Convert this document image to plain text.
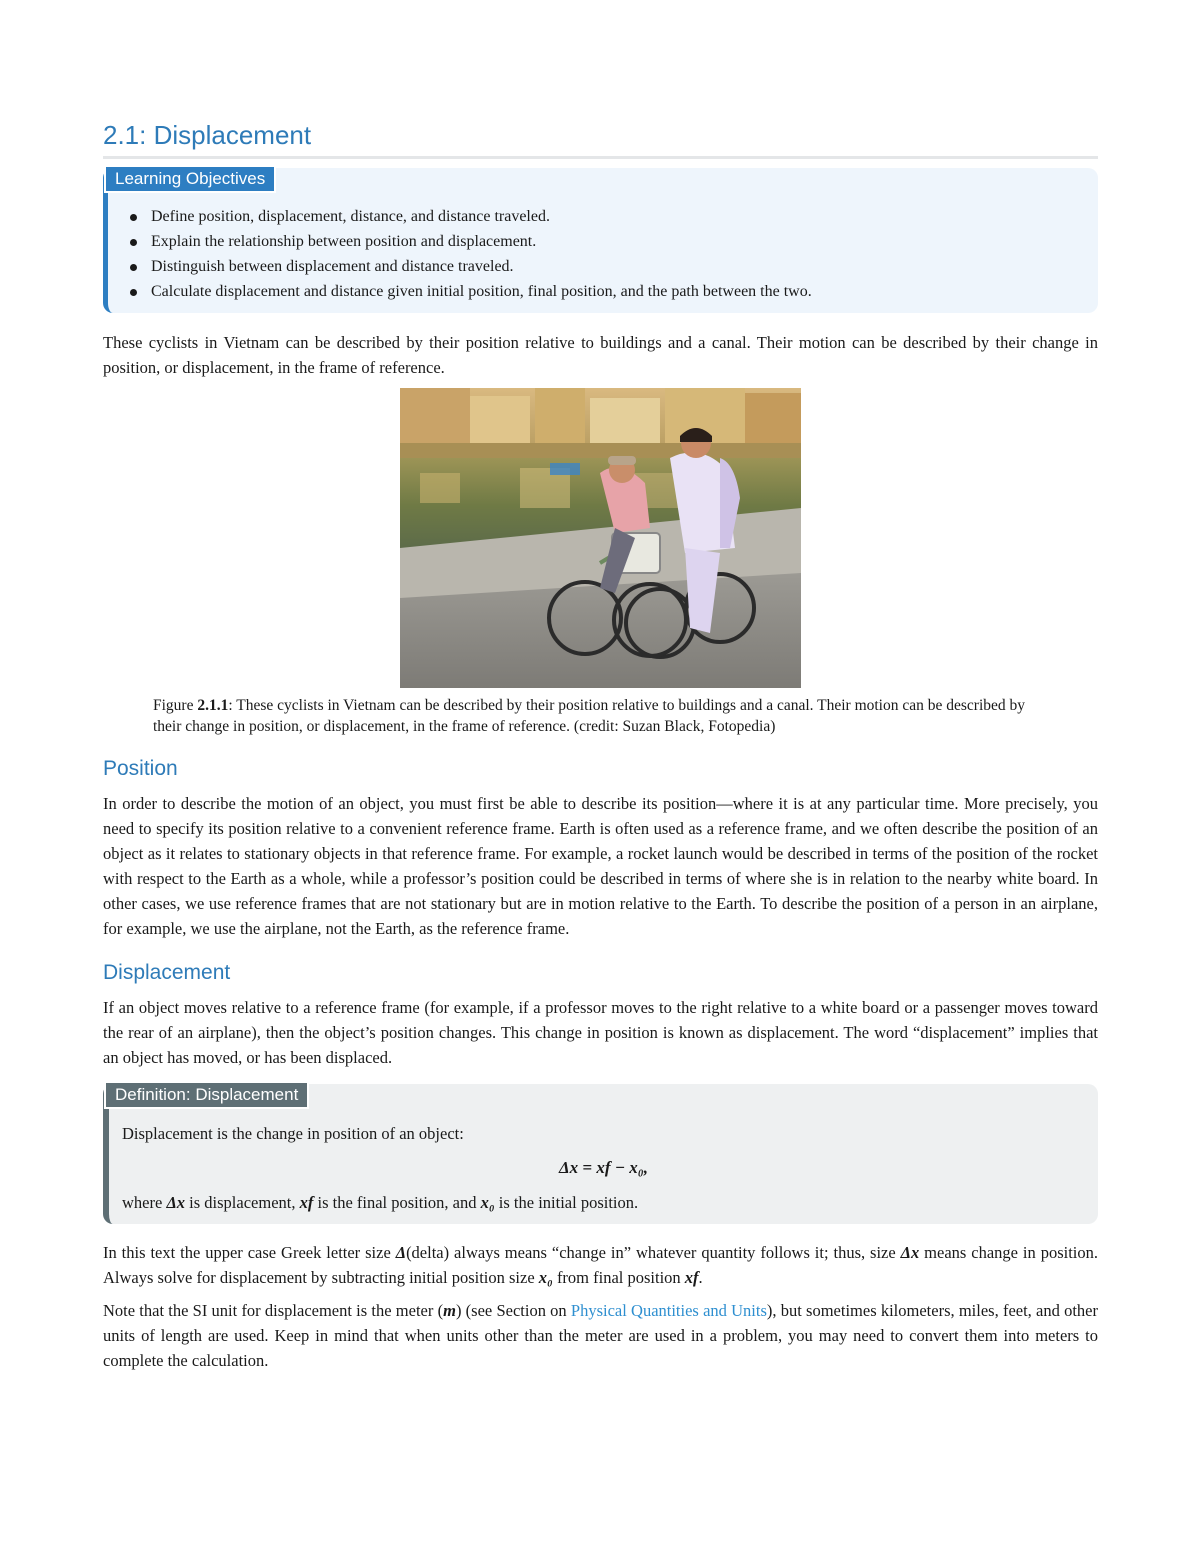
2.1: Displacement
Learning Objectives
Define position, displacement, distance, and distance traveled.
Explain the relationship between position and displacement.
Distinguish between displacement and distance traveled.
Calculate displacement and distance given initial position, final position, and the path between the two.

These cyclists in Vietnam can be described by their position relative to buildings and a canal. Their motion can be described by their change in position, or displacement, in the frame of reference.

Figure 2.1.1: These cyclists in Vietnam can be described by their position relative to buildings and a canal. Their motion can be described by their change in position, or displacement, in the frame of reference. (credit: Suzan Black, Fotopedia)
Position

In order to describe the motion of an object, you must first be able to describe its position—where it is at any particular time. More precisely, you need to specify its position relative to a convenient reference frame. Earth is often used as a reference frame, and we often describe the position of an object as it relates to stationary objects in that reference frame. For example, a rocket launch would be described in terms of the position of the rocket with respect to the Earth as a whole, while a professor’s position could be described in terms of where she is in relation to the nearby white board. In other cases, we use reference frames that are not stationary but are in motion relative to the Earth. To describe the position of a person in an airplane, for example, we use the airplane, not the Earth, as the reference frame.

Displacement

If an object moves relative to a reference frame (for example, if a professor moves to the right relative to a white board or a passenger moves toward the rear of an airplane), then the object’s position changes. This change in position is known as displacement. The word “displacement” implies that an object has moved, or has been displaced.

Definition: Displacement
Displacement is the change in position of an object:
Δx = xf − x₀,
where Δx is displacement, xf is the final position, and x₀ is the initial position.

In this text the upper case Greek letter size Δ(delta) always means “change in” whatever quantity follows it; thus, size Δx means change in position. Always solve for displacement by subtracting initial position size x₀ from final position xf.

Note that the SI unit for displacement is the meter (m) (see Section on Physical Quantities and Units), but sometimes kilometers, miles, feet, and other units of length are used. Keep in mind that when units other than the meter are used in a problem, you may need to convert them into meters to complete the calculation.
